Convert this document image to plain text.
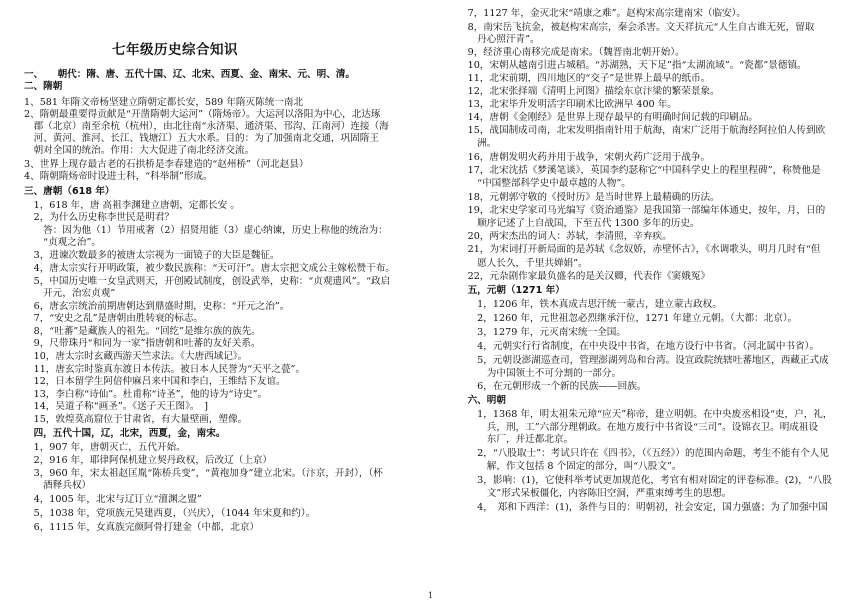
七年级历史综合知识
一、　　朝代：隋、唐、五代十国、辽、北宋、西夏、金、南宋、元、明、清。
二、隋朝
1、581 年隋文帝杨坚建立隋朝定都长安，589 年隋灭陈统一南北
2、隋朝最重要得贡献是“开凿隋朝大运河”（隋炀帝）。大运河以洛阳为中心，北达琢
　郡（北京）南至余杭（杭州），由北往南“永济渠、通济渠、邗沟、江南河）连接（海
　河、黄河、淮河、长江、钱塘江）五大水系。目的：为了加强南北交通，巩固隋王
　朝对全国的统治。作用：大大促进了南北经济交流。
3、世界上现存最古老的石拱桥是李春建造的“赵州桥”（河北赵县）
4、隋朝隋炀帝时设进士科，“科举制”形成。
三、唐朝（618 年）
　1，618 年，唐 高祖李渊建立唐朝，定都长安 。
　2，为什么历史称李世民是明君？
　　答：因为他（1）节用戒奢（2）招贤用能（3）虚心纳谏，历史上称他的统治为：
　　“贞观之治”。
　3，进谏次数最多的被唐太宗视为一面镜子的大臣是魏征。
　4，唐太宗实行开明政策，被少数民族称：“天可汗”。唐太宗把文成公主嫁松赞干布。
　5，中国历史唯一女皇武则天，开创殿试制度，创设武举，史称：“贞观遗风”。“政启
　　开元，治宏贞观”
　6，唐玄宗统治前期唐朝达到鼎盛时期，史称：“开元之治”。
　7，“安史之乱”是唐朝由胜转衰的标志。
　8，“吐蕃”是藏族人的祖先。“回纥”是维尔族的族先。
　9，尺带珠丹“和同为一家”指唐朝和吐蕃的友好关系。
　10，唐太宗时玄藏西游天竺求法。《大唐西域记》。
　11，唐玄宗时鉴真东渡日本传法。被日本人民誉为“天平之甍”。
　12，日本留学生阿倍仲麻吕来中国和李白，王维结下友谊。
　13，李白称“诗仙”。杜甫称“诗圣”，他的诗为“诗史”。
　14，吴道子称“画圣”。《送子天王图》。　]
　15，敦煌莫高窟位于甘肃省，有大量壁画，塑像。
　四，五代十国，辽，北宋，西夏，金，南宋。
　1，907 年，唐朝灭亡，五代开始。
　2，916 年，耶律阿保机建立契丹政权，后改辽（上京）
　3，960 年，宋太祖赵匡胤“陈桥兵变”，“黄袍加身”建立北宋。（汴京，开封），（杯
　　酒释兵权）
　4，1005 年，北宋与辽订立“澶渊之盟”
　5，1038 年，党项族元昊建西夏，（兴庆），（1044 年宋夏和约）。
　6，1115 年，女真族完颜阿骨打建金（中都，北京）
　7，1127 年，金灭北宋“靖康之难”。赵构宋高宗建南宋（临安）。
　8，南宋岳飞抗金，被赵构宋高宗，秦会杀害。文天祥抗元“人生自古谁无死，留取
　　丹心照汗青”。
　9，经济重心南移完成是南宋。（魏晋南北朝开始）。
　10，宋朝从越南引进占城稻。“苏湖熟，天下足”指“太湖流域”。“瓷都”景德镇。
　11，北宋前期，四川地区的“交子”是世界上最早的纸币。
　12，北宋张择端《清明上河图》描绘东京汴梁的繁荣景象。
　13，北宋毕升发明活字印刷术比欧洲早 400 年。
　14，唐朝《金刚经》是世界上现存最早的有明确时间记载的印刷品。
　15，战国制成司南，北宋发明指南针用于航海，南宋广泛用于航海经阿拉伯人传到欧
　　洲。
　16，唐朝发明火药并用于战争，宋朝火药广泛用于战争。
　17，北宋沈括《梦溪笔谈》，英国李约瑟称它“中国科学史上的程里程碑”，称赞他是
　　“中国整部科学史中最卓越的人物”。
　18，元朝郭守敬的《授时历》是当时世界上最精确的历法。
　19，北宋史学家司马光编写《资治通鉴》是我国第一部编年体通史，按年，月，日的
　　顺序记述了上自战国，下至五代 1300 多年的历史。
　20，两宋杰出的词人：苏轼，李清照，辛弃疾。
　21，为宋词打开新局面的是苏轼《念奴娇，赤壁怀古》，《水调歌头，明月几时有“但
　　愿人长久，千里共婵娟”。
　22，元杂剧作家最负盛名的是关汉卿，代表作《窦娥冤》
　五，元朝（1271 年）
　　1，1206 年，铁木真成吉思汗统一蒙古，建立蒙古政权。
　　2，1260 年，元世祖忽必烈继承汗位，1271 年建立元朝。（大都：北京）。
　　3，1279 年，元灭南宋统一全国。
　　4，元朝实行行省制度，在中央设中书省，在地方设行中书省。（河北属中书省）。
　　5，元朝设澎湖巡查司，管理澎湖列岛和台湾。设宣政院统辖吐蕃地区，西藏正式成
　　　为中国领土不可分割的一部分。
　　6，在元朝形成一个新的民族——回族。
　六、明朝
　　1，1368 年，明太祖朱元璋“应天”称帝，建立明朝。在中央废丞相设“吏，户，礼，
　　　兵，刑，工”六部分理朝政。在地方废行中书省设“三司”。设锦衣卫。明成祖设
　　　东厂，并迁都北京。
　　2，“八股取士”：考试只许在《四书》，（《五经》）的范围内命题，考生不能有个人见
　　　解，作文包括 8 个固定的部分，叫“八股文”。
　　3，影响：(1)，它使科举考试更加规范化，考官有相对固定的评卷标准。(2)，“八股
　　　文”形式呆板僵化，内容陈旧空洞，严重束缚考生的思想。
　　4，　郑和下西洋：(1)，条件与目的：明朝初，社会安定，国力强盛；为了加强中国
1
